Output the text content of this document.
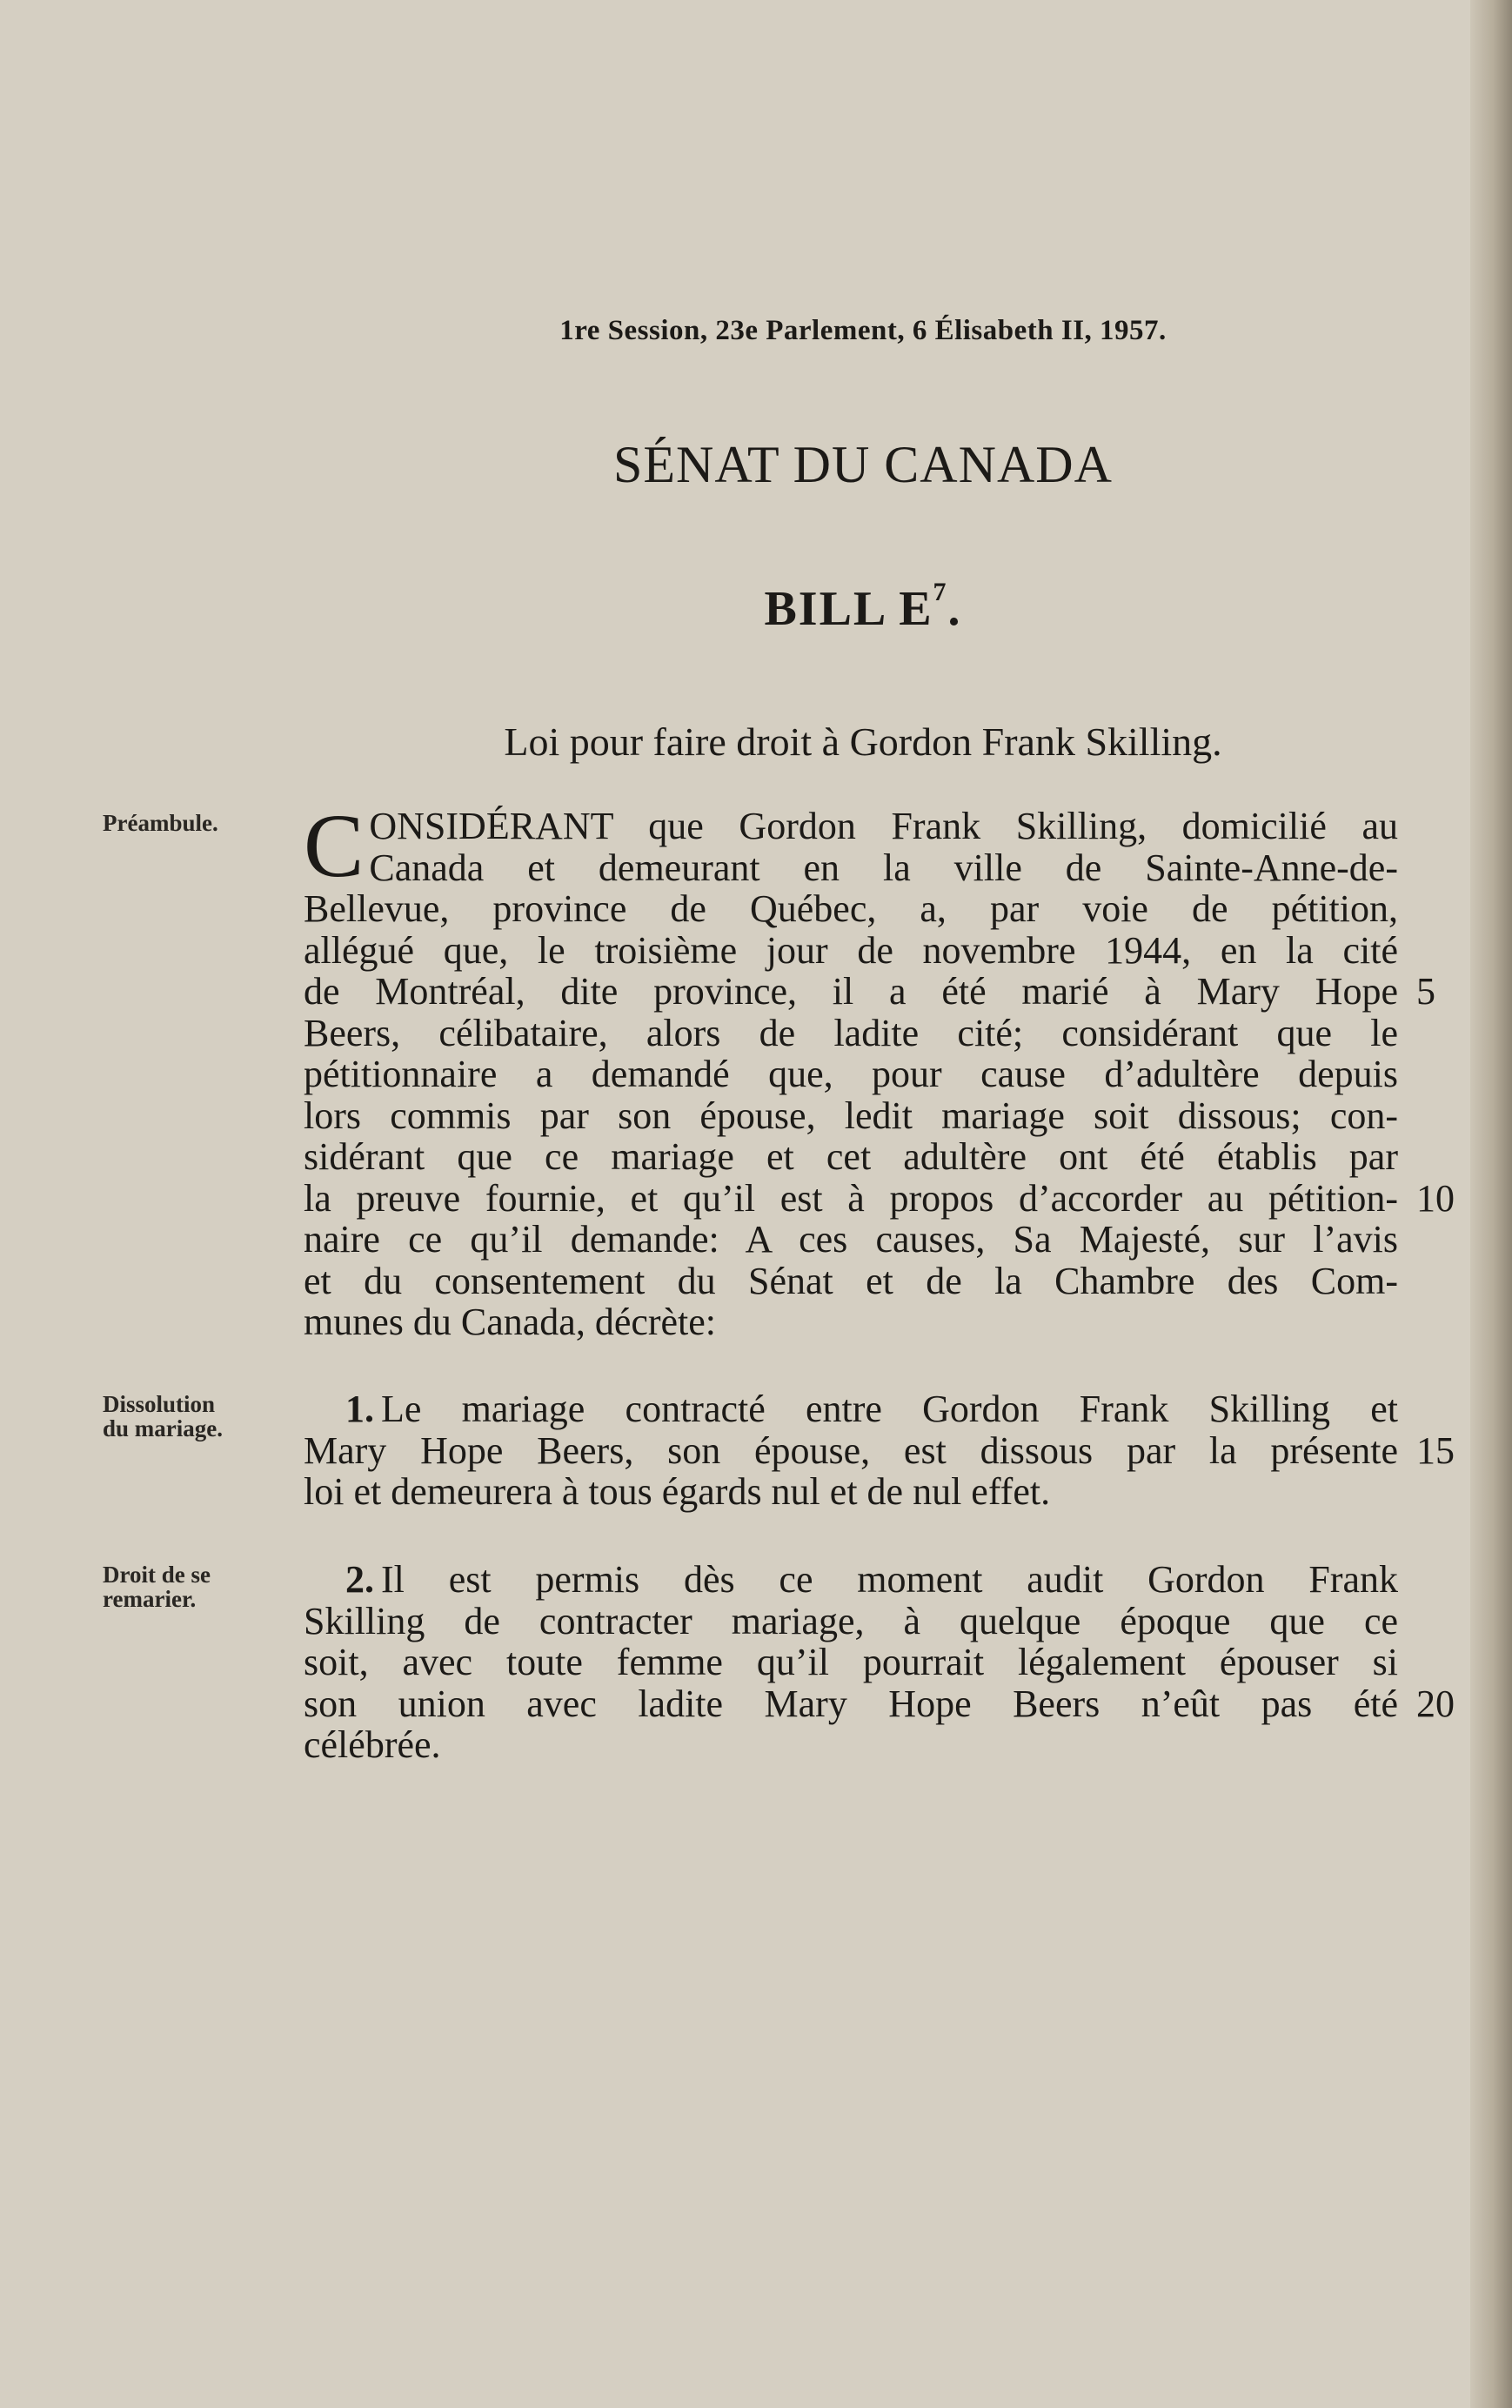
1re Session, 23e Parlement, 6 Élisabeth II, 1957.
SÉNAT DU CANADA
BILL $E^7$.
Loi pour faire droit à Gordon Frank Skilling.
Préambule.
Dissolution
du mariage.
Droit de se
remarier.
C ONSIDÉRANT que Gordon Frank Skilling, domicilié au
Canada et demeurant en la ville de Sainte-Anne-de-
Bellevue, province de Québec, a, par voie de pétition,
allégué que, le troisième jour de novembre 1944, en la cité
de Montréal, dite province, il a été marié à Mary Hope
Beers, célibataire, alors de ladite cité; considérant que le
pétitionnaire a demandé que, pour cause d’adultère depuis
lors commis par son épouse, ledit mariage soit dissous; con-
sidérant que ce mariage et cet adultère ont été établis par
la preuve fournie, et qu’il est à propos d’accorder au pétition-
naire ce qu’il demande: A ces causes, Sa Majesté, sur l’avis
et du consentement du Sénat et de la Chambre des Com-
munes du Canada, décrète:
1. Le mariage contracté entre Gordon Frank Skilling et
Mary Hope Beers, son épouse, est dissous par la présente
loi et demeurera à tous égards nul et de nul effet.
2. Il est permis dès ce moment audit Gordon Frank
Skilling de contracter mariage, à quelque époque que ce
soit, avec toute femme qu’il pourrait légalement épouser si
son union avec ladite Mary Hope Beers n’eût pas été
célébrée.
5
10
15
20
